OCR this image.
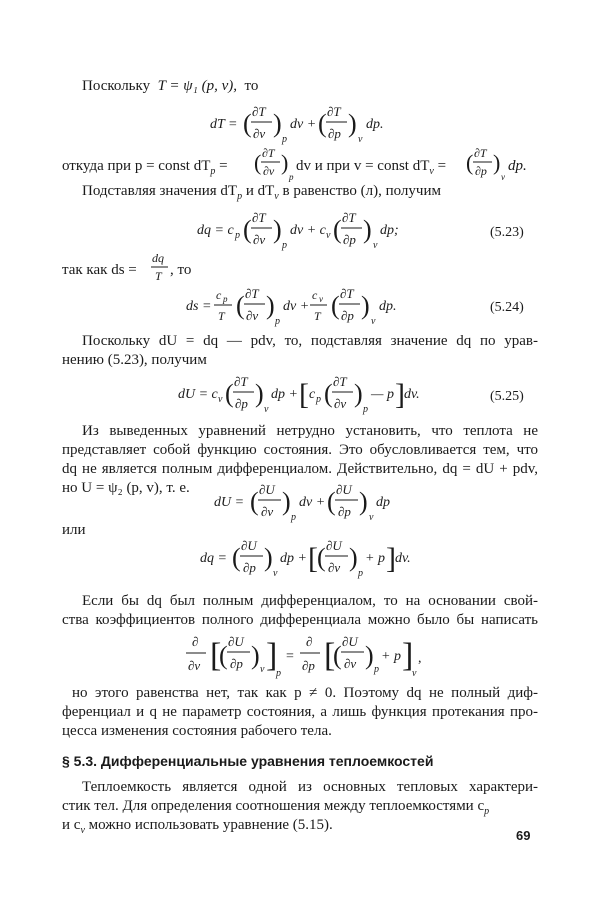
Поскольку T = ψ₁ (p, v), то
dT = ( ∂T
∂v )
p
dv + ( ∂T
∂p )
v
dp.
откуда при p = const $dT_p$ = ( ∂T
∂v )
p
dv и при v = const $dT_v$ = ( ∂T
∂p )
v
dp.
Подставляя значения $dT_p$ и $dT_v$ в равенство (л), получим
dq = c p ( ∂T
∂v )
p
dv + c v ( ∂T
∂p )
v
dp;	(5.23)
так как ds =
dq
T , то
ds =
c p
T ( ∂T
∂v )
p
dv +
c v
T ( ∂T
∂p )
v
dp.	(5.24)
Поскольку dU = dq — pdv, то, подставляя значение dq по урав-
нению (5.23), получим
dU = c v ( ∂T
∂p )
v
dp + [ c p ( ∂T
∂v )
p
— p ] dv.	(5.25)
Из выведенных уравнений нетрудно установить, что теплота не
представляет собой функцию состояния. Это обусловливается тем, что
dq не является полным дифференциалом. Действительно, dq = dU + pdv,
но U = ψ₂ (p, v), т. е.
dU = ( ∂U
∂v )
p
dv + ( ∂U
∂p )
v
dp
или
dq = ( ∂U
∂p )
v
dp + [ ( ∂U
∂v )
p
+ p ] dv.
Если бы dq был полным дифференциалом, то на основании свой-
ства коэффициентов полного дифференциала можно было бы написать
∂
∂v [
( ∂U
∂p ) v ]
p
=
∂
∂p [
( ∂U
∂v ) p
+ p ]
v
,
но этого равенства нет, так как p ≠ 0. Поэтому dq не полный диф-
ференциал и q не параметр состояния, а лишь функция протекания про-
цесса изменения состояния рабочего тела.
§ 5.3. Дифференциальные уравнения теплоемкостей
Теплоемкость является одной из основных тепловых характери-
стик тел. Для определения соотношения между теплоемкостями $c_p$
и $c_v$ можно использовать уравнение (5.15).
69
